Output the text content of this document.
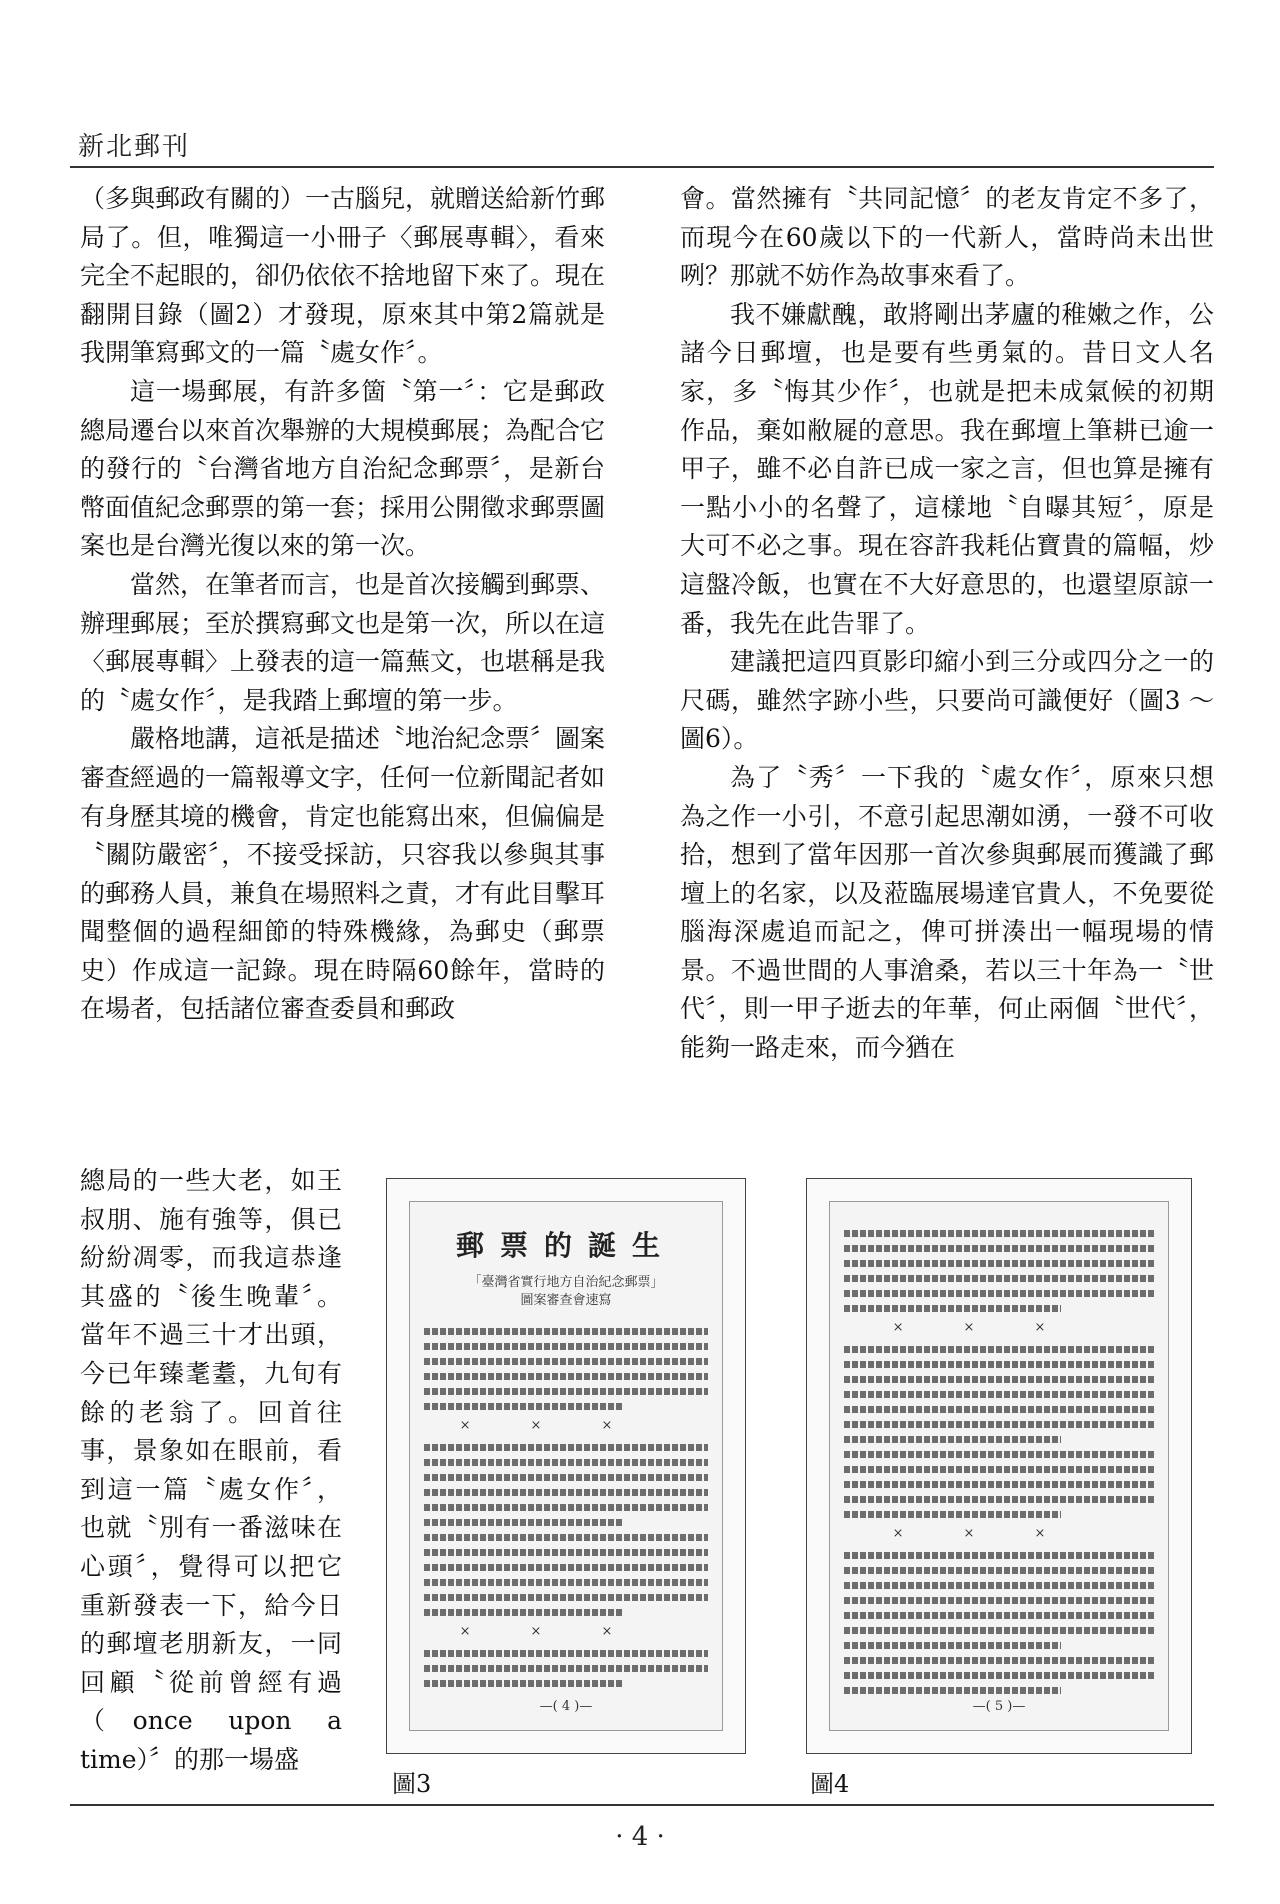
新北郵刊

（多與郵政有關的）一古腦兒，就贈送給新竹郵局了。但，唯獨這一小冊子〈郵展專輯〉，看來完全不起眼的，卻仍依依不捨地留下來了。現在翻開目錄（圖2）才發現，原來其中第2篇就是我開筆寫郵文的一篇〝處女作〞。

這一場郵展，有許多箇〝第一〞：它是郵政總局遷台以來首次舉辦的大規模郵展；為配合它的發行的〝台灣省地方自治紀念郵票〞，是新台幣面值紀念郵票的第一套；採用公開徵求郵票圖案也是台灣光復以來的第一次。

當然，在筆者而言，也是首次接觸到郵票、辦理郵展；至於撰寫郵文也是第一次，所以在這〈郵展專輯〉上發表的這一篇蕪文，也堪稱是我的〝處女作〞，是我踏上郵壇的第一步。

嚴格地講，這祇是描述〝地治紀念票〞圖案審查經過的一篇報導文字，任何一位新聞記者如有身歷其境的機會，肯定也能寫出來，但偏偏是〝關防嚴密〞，不接受採訪，只容我以參與其事的郵務人員，兼負在場照料之責，才有此目擊耳聞整個的過程細節的特殊機緣，為郵史（郵票史）作成這一記錄。現在時隔60餘年，當時的在場者，包括諸位審查委員和郵政

總局的一些大老，如王叔朋、施有強等，俱已紛紛凋零，而我這恭逢其盛的〝後生晚輩〞。當年不過三十才出頭，今已年臻耄耋，九旬有餘的老翁了。回首往事，景象如在眼前，看到這一篇〝處女作〞，也就〝別有一番滋味在心頭〞，覺得可以把它重新發表一下，給今日的郵壇老朋新友，一同回顧〝從前曾經有過（once upon a time）〞的那一場盛

會。當然擁有〝共同記憶〞的老友肯定不多了，而現今在60歲以下的一代新人，當時尚未出世咧？那就不妨作為故事來看了。

我不嫌獻醜，敢將剛出茅廬的稚嫩之作，公諸今日郵壇，也是要有些勇氣的。昔日文人名家，多〝悔其少作〞，也就是把未成氣候的初期作品，棄如敝屣的意思。我在郵壇上筆耕已逾一甲子，雖不必自許已成一家之言，但也算是擁有一點小小的名聲了，這樣地〝自曝其短〞，原是大可不必之事。現在容許我耗佔寶貴的篇幅，炒這盤冷飯，也實在不大好意思的，也還望原諒一番，我先在此告罪了。

建議把這四頁影印縮小到三分或四分之一的尺碼，雖然字跡小些，只要尚可識便好（圖3 ～圖6）。

為了〝秀〞一下我的〝處女作〞，原來只想為之作一小引，不意引起思潮如湧，一發不可收拾，想到了當年因那一首次參與郵展而獲識了郵壇上的名家，以及蒞臨展場達官貴人，不免要從腦海深處追而記之，俾可拼湊出一幅現場的情景。不過世間的人事滄桑，若以三十年為一〝世代〞，則一甲子逝去的年華，何止兩個〝世代〞，能夠一路走來，而今猶在

郵票的誕生
「臺灣省實行地方自治紀念郵票」
圖案審查會速寫
×××
×××
—( 4 )—
圖3
×××
×××
—( 5 )—
圖4
· 4 ·
